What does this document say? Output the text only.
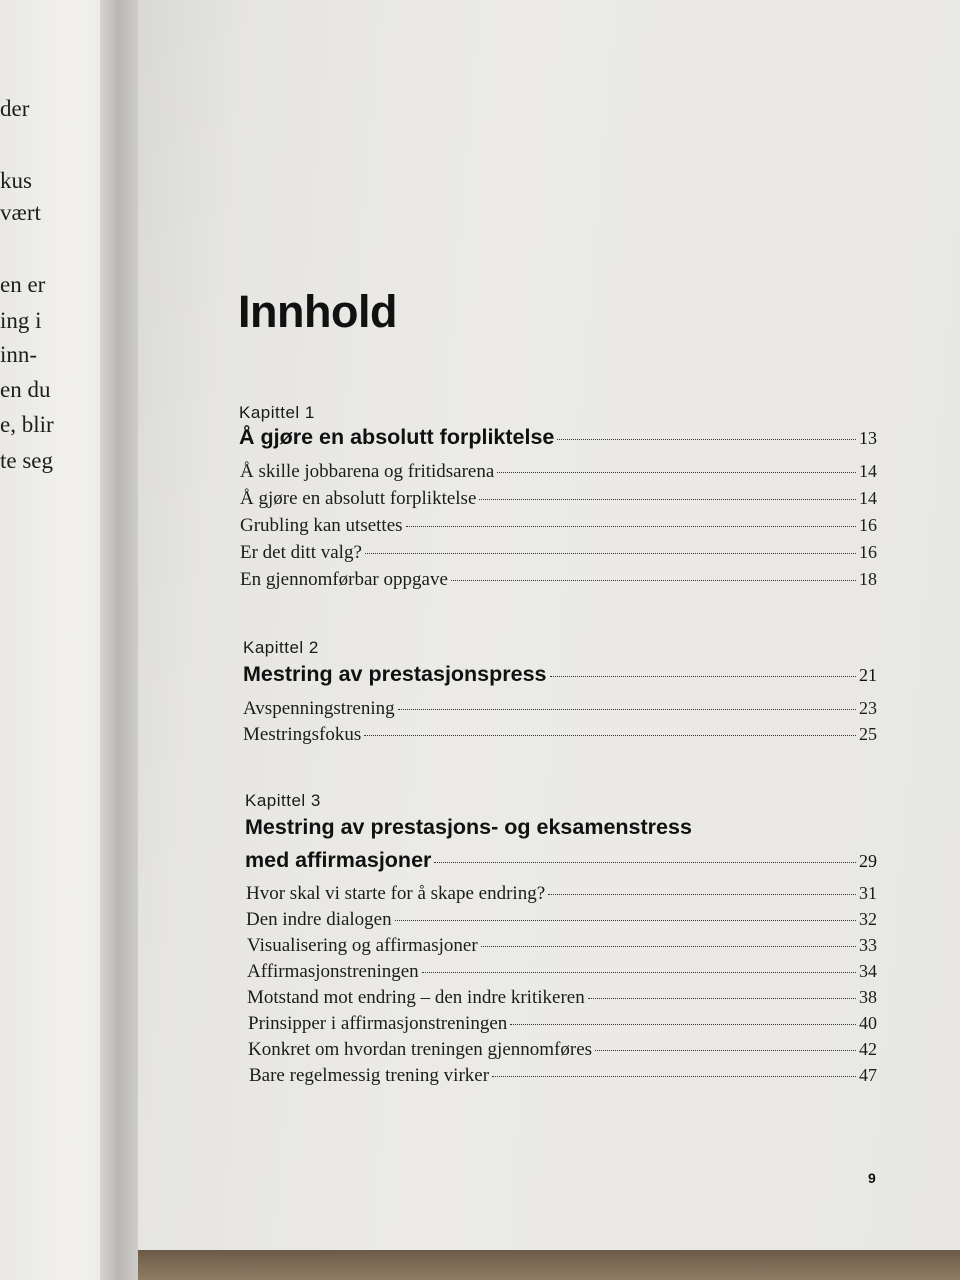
der
kus
vært
en er
ing i
inn-
en du
e, blir
te seg
Innhold
Kapittel 1
Å gjøre en absolutt forpliktelse	13
Å skille jobbarena og fritidsarena	14
Å gjøre en absolutt forpliktelse	14
Grubling kan utsettes	16
Er det ditt valg?	16
En gjennomførbar oppgave	18
Kapittel 2
Mestring av prestasjonspress	21
Avspenningstrening	23
Mestringsfokus	25
Kapittel 3
Mestring av prestasjons- og eksamenstress
med affirmasjoner	29
Hvor skal vi starte for å skape endring?	31
Den indre dialogen	32
Visualisering og affirmasjoner	33
Affirmasjonstreningen	34
Motstand mot endring – den indre kritikeren	38
Prinsipper i affirmasjonstreningen	40
Konkret om hvordan treningen gjennomføres	42
Bare regelmessig trening virker	47
9
